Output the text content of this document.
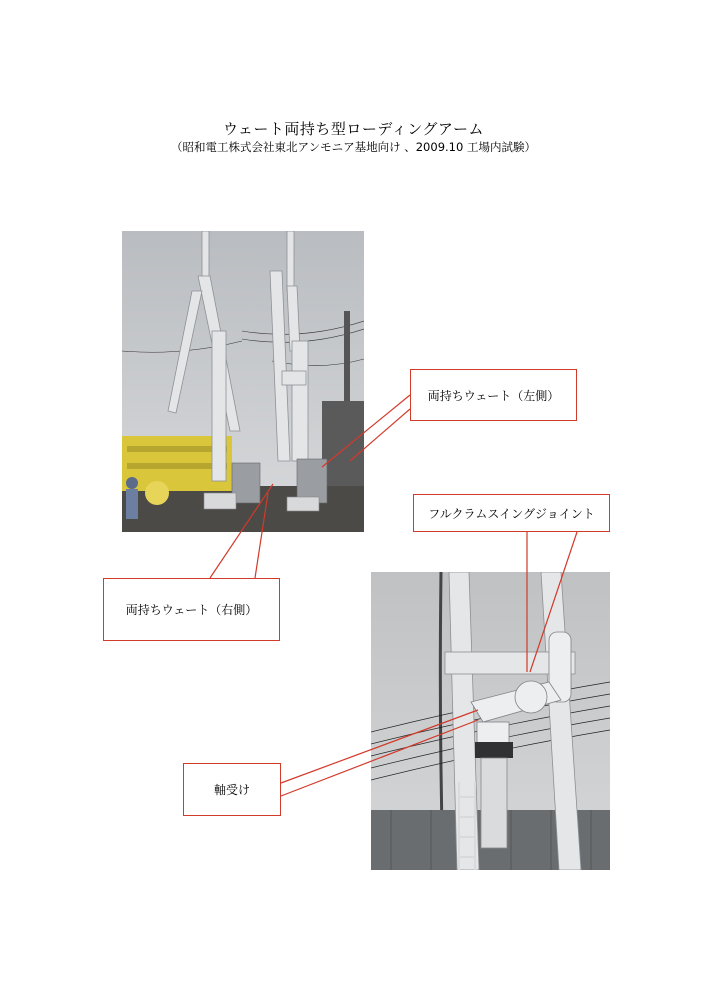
ウェート両持ち型ローディングアーム
（昭和電工株式会社東北アンモニア基地向け 、2009.10 工場内試験）
両持ちウェート（左側）
両持ちウェート（右側）
フルクラムスイングジョイント
軸受け
